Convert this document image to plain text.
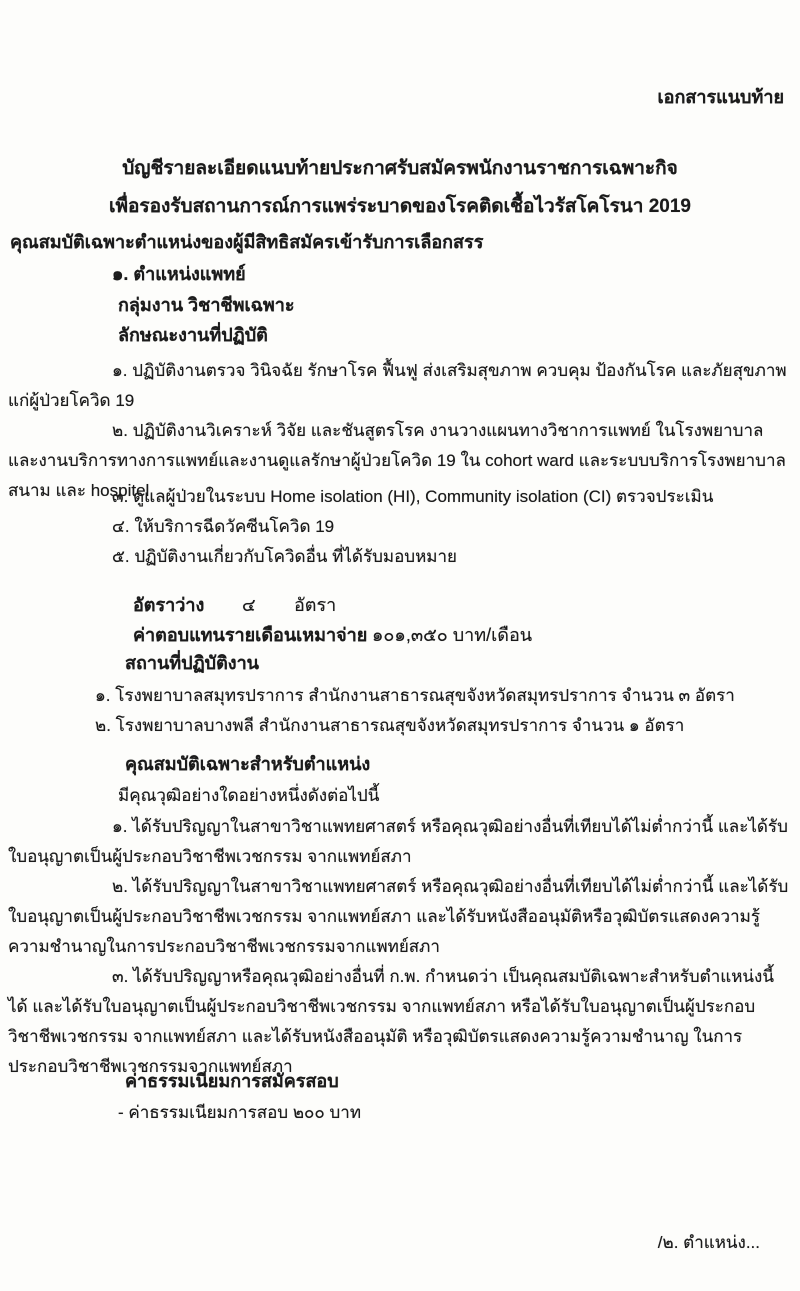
เอกสารแนบท้าย
บัญชีรายละเอียดแนบท้ายประกาศรับสมัครพนักงานราชการเฉพาะกิจ
เพื่อรองรับสถานการณ์การแพร่ระบาดของโรคติดเชื้อไวรัสโคโรนา 2019
คุณสมบัติเฉพาะตำแหน่งของผู้มีสิทธิสมัครเข้ารับการเลือกสรร
๑. ตำแหน่งแพทย์
กลุ่มงาน วิชาชีพเฉพาะ
ลักษณะงานที่ปฏิบัติ

๑. ปฏิบัติงานตรวจ วินิจฉัย รักษาโรค ฟื้นฟู ส่งเสริมสุขภาพ ควบคุม ป้องกันโรค และภัยสุขภาพแก่ผู้ป่วยโควิด 19

๒. ปฏิบัติงานวิเคราะห์ วิจัย และชันสูตรโรค งานวางแผนทางวิชาการแพทย์ ในโรงพยาบาลและงานบริการทางการแพทย์และงานดูแลรักษาผู้ป่วยโควิด 19 ใน cohort ward และระบบบริการโรงพยาบาลสนาม และ hospitel

๓. ดูแลผู้ป่วยในระบบ Home isolation (HI), Community isolation (CI) ตรวจประเมิน

๔. ให้บริการฉีดวัคซีนโควิด 19

๕. ปฏิบัติงานเกี่ยวกับโควิดอื่น ที่ได้รับมอบหมาย

อัตราว่าง ๔ อัตรา
ค่าตอบแทนรายเดือนเหมาจ่าย ๑๐๑,๓๕๐ บาท/เดือน
สถานที่ปฏิบัติงาน
๑. โรงพยาบาลสมุทรปราการ สำนักงานสาธารณสุขจังหวัดสมุทรปราการ จำนวน ๓ อัตรา
๒. โรงพยาบาลบางพลี สำนักงานสาธารณสุขจังหวัดสมุทรปราการ จำนวน ๑ อัตรา
คุณสมบัติเฉพาะสำหรับตำแหน่ง
มีคุณวุฒิอย่างใดอย่างหนึ่งดังต่อไปนี้

๑. ได้รับปริญญาในสาขาวิชาแพทยศาสตร์ หรือคุณวุฒิอย่างอื่นที่เทียบได้ไม่ต่ำกว่านี้ และได้รับใบอนุญาตเป็นผู้ประกอบวิชาชีพเวชกรรม จากแพทย์สภา

๒. ได้รับปริญญาในสาขาวิชาแพทยศาสตร์ หรือคุณวุฒิอย่างอื่นที่เทียบได้ไม่ต่ำกว่านี้ และได้รับใบอนุญาตเป็นผู้ประกอบวิชาชีพเวชกรรม จากแพทย์สภา และได้รับหนังสืออนุมัติหรือวุฒิบัตรแสดงความรู้ความชำนาญในการประกอบวิชาชีพเวชกรรมจากแพทย์สภา

๓. ได้รับปริญญาหรือคุณวุฒิอย่างอื่นที่ ก.พ. กำหนดว่า เป็นคุณสมบัติเฉพาะสำหรับตำแหน่งนี้ได้ และได้รับใบอนุญาตเป็นผู้ประกอบวิชาชีพเวชกรรม จากแพทย์สภา หรือได้รับใบอนุญาตเป็นผู้ประกอบวิชาชีพเวชกรรม จากแพทย์สภา และได้รับหนังสืออนุมัติ หรือวุฒิบัตรแสดงความรู้ความชำนาญ ในการประกอบวิชาชีพเวชกรรมจากแพทย์สภา

ค่าธรรมเนียมการสมัครสอบ
- ค่าธรรมเนียมการสอบ ๒๐๐ บาท
/๒. ตำแหน่ง...
